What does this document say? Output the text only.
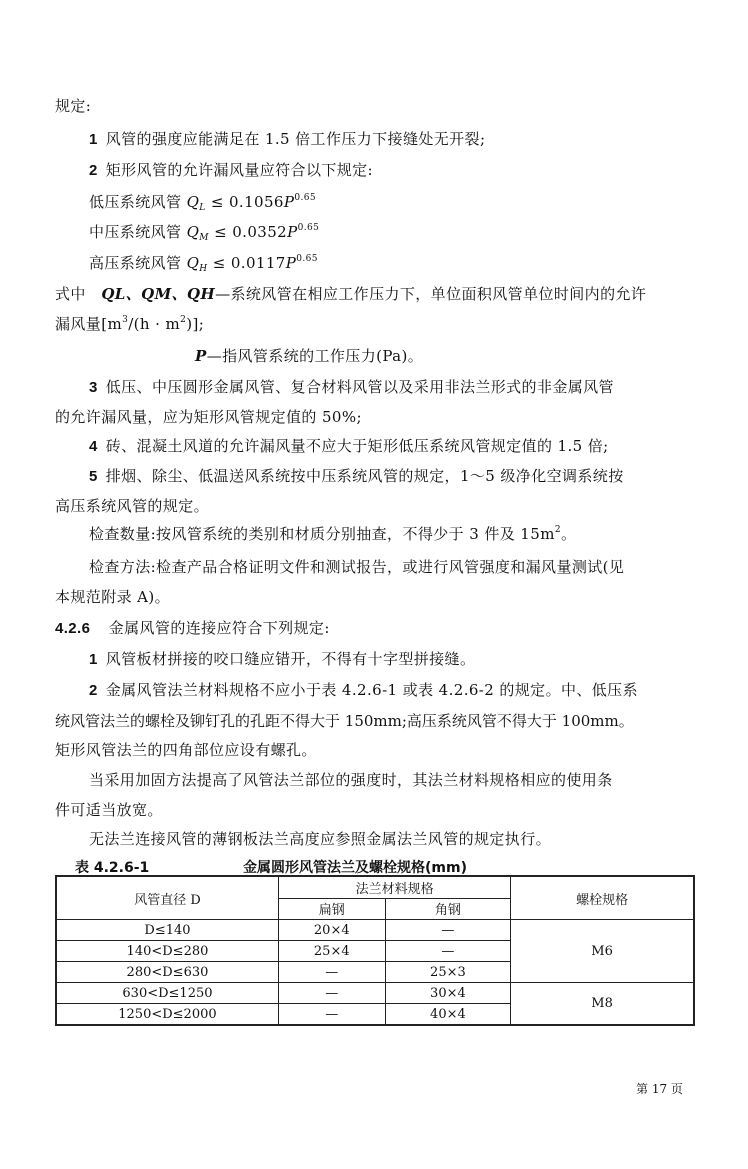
规定:
1 风管的强度应能满足在 1.5 倍工作压力下接缝处无开裂;
2 矩形风管的允许漏风量应符合以下规定:
低压系统风管 $Q_L \le 0.1056P^{0.65}$
中压系统风管 $Q_M \le 0.0352P^{0.65}$
高压系统风管 $Q_H \le 0.0117P^{0.65}$
式中 QL、QM、QH—系统风管在相应工作压力下，单位面积风管单位时间内的允许
漏风量$[m^3/(h \cdot m^2)]$;
P—指风管系统的工作压力(Pa)。
3 低压、中压圆形金属风管、复合材料风管以及采用非法兰形式的非金属风管
的允许漏风量，应为矩形风管规定值的 50%;
4 砖、混凝土风道的允许漏风量不应大于矩形低压系统风管规定值的 1.5 倍;
5 排烟、除尘、低温送风系统按中压系统风管的规定，1～5 级净化空调系统按
高压系统风管的规定。
检查数量:按风管系统的类别和材质分别抽查，不得少于 3 件及 $15m^2$。
检查方法:检查产品合格证明文件和测试报告，或进行风管强度和漏风量测试(见
本规范附录 A)。
4.2.6 金属风管的连接应符合下列规定:
1 风管板材拼接的咬口缝应错开，不得有十字型拼接缝。
2 金属风管法兰材料规格不应小于表 4.2.6-1 或表 4.2.6-2 的规定。中、低压系
统风管法兰的螺栓及铆钉孔的孔距不得大于 150mm;高压系统风管不得大于 100mm。
矩形风管法兰的四角部位应设有螺孔。
当采用加固方法提高了风管法兰部位的强度时，其法兰材料规格相应的使用条
件可适当放宽。
无法兰连接风管的薄钢板法兰高度应参照金属法兰风管的规定执行。
表 4.2.6-1	金属圆形风管法兰及螺栓规格(mm)
风管直径 D	法兰材料规格		螺栓规格
	扁钢	角钢	
D≤140	20×4	—	M6
140<D≤280	25×4	—	
280<D≤630	—	25×3	
630<D≤1250	—	30×4	M8
1250<D≤2000	—	40×4	
第 17 页
